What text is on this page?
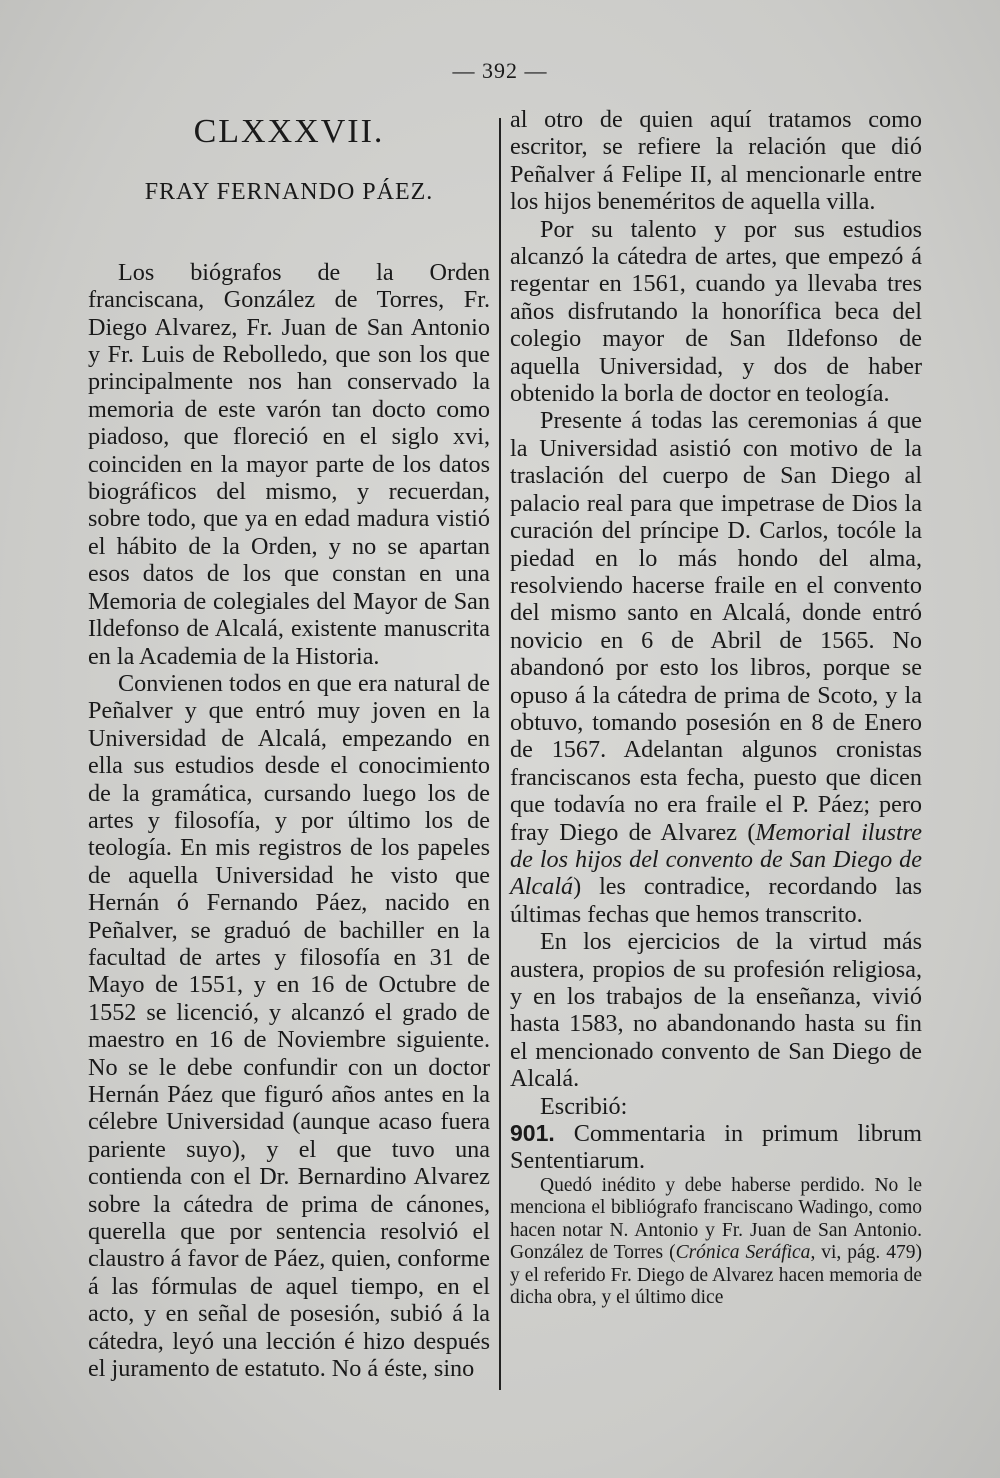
— 392 —
CLXXXVII.
FRAY FERNANDO PÁEZ.

Los biógrafos de la Orden franciscana, González de Torres, Fr. Diego Alvarez, Fr. Juan de San Antonio y Fr. Luis de Rebolledo, que son los que principalmente nos han conservado la memoria de este varón tan docto como piadoso, que floreció en el siglo xvi, coinciden en la mayor parte de los datos biográficos del mismo, y recuerdan, sobre todo, que ya en edad madura vistió el hábito de la Orden, y no se apartan esos datos de los que constan en una Memoria de colegiales del Mayor de San Ildefonso de Alcalá, existente manuscrita en la Academia de la Historia.

Convienen todos en que era natural de Peñalver y que entró muy joven en la Universidad de Alcalá, empezando en ella sus estudios desde el conocimiento de la gramática, cursando luego los de artes y filosofía, y por último los de teología. En mis registros de los papeles de aquella Universidad he visto que Hernán ó Fernando Páez, nacido en Peñalver, se graduó de bachiller en la facultad de artes y filosofía en 31 de Mayo de 1551, y en 16 de Octubre de 1552 se licenció, y alcanzó el grado de maestro en 16 de Noviembre siguiente. No se le debe confundir con un doctor Hernán Páez que figuró años antes en la célebre Universidad (aunque acaso fuera pariente suyo), y el que tuvo una contienda con el Dr. Bernardino Alvarez sobre la cátedra de prima de cánones, querella que por sentencia resolvió el claustro á favor de Páez, quien, conforme á las fórmulas de aquel tiempo, en el acto, y en señal de posesión, subió á la cátedra, leyó una lección é hizo después el juramento de estatuto. No á éste, sino

al otro de quien aquí tratamos como escritor, se refiere la relación que dió Peñalver á Felipe II, al mencionarle entre los hijos beneméritos de aquella villa.

Por su talento y por sus estudios alcanzó la cátedra de artes, que empezó á regentar en 1561, cuando ya llevaba tres años disfrutando la honorífica beca del colegio mayor de San Ildefonso de aquella Universidad, y dos de haber obtenido la borla de doctor en teología.

Presente á todas las ceremonias á que la Universidad asistió con motivo de la traslación del cuerpo de San Diego al palacio real para que impetrase de Dios la curación del príncipe D. Carlos, tocóle la piedad en lo más hondo del alma, resolviendo hacerse fraile en el convento del mismo santo en Alcalá, donde entró novicio en 6 de Abril de 1565. No abandonó por esto los libros, porque se opuso á la cátedra de prima de Scoto, y la obtuvo, tomando posesión en 8 de Enero de 1567. Adelantan algunos cronistas franciscanos esta fecha, puesto que dicen que todavía no era fraile el P. Páez; pero fray Diego de Alvarez (Memorial ilustre de los hijos del convento de San Diego de Alcalá) les contradice, recordando las últimas fechas que hemos transcrito.

En los ejercicios de la virtud más austera, propios de su profesión religiosa, y en los trabajos de la enseñanza, vivió hasta 1583, no abandonando hasta su fin el mencionado convento de San Diego de Alcalá.

Escribió:

901. Commentaria in primum librum Sententiarum.

Quedó inédito y debe haberse perdido. No le menciona el bibliógrafo franciscano Wadingo, como hacen notar N. Antonio y Fr. Juan de San Antonio. González de Torres (Crónica Seráfica, vi, pág. 479) y el referido Fr. Diego de Alvarez hacen memoria de dicha obra, y el último dice
